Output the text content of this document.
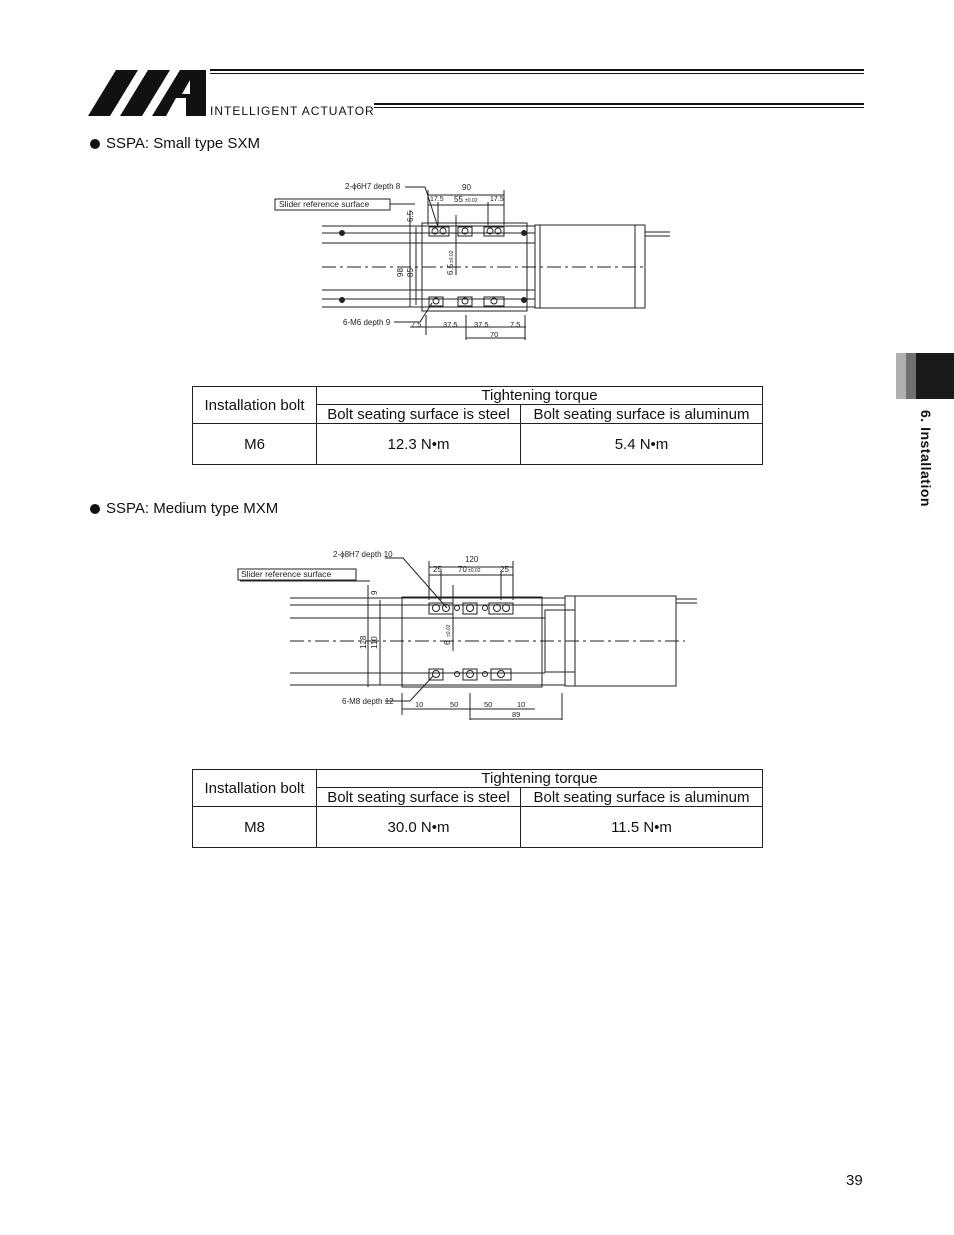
INTELLIGENT ACTUATOR
6. Installation
SSPA: Small type SXM
2-ϕ6H7 depth 8
Slider reference surface
6-M6 depth 9
90
17.5 55 ±0.02 17.5
6.5
98 85	6.5
±0.02
7.5	37.5 37.5	7.5
70
Installation bolt	Tightening torque	
	Bolt seating surface is steel	Bolt seating surface is aluminum
M6	12.3 N•m	5.4 N•m
SSPA: Medium type MXM
2-ϕ8H7 depth 10
Slider reference surface
6-M8 depth 12
120
25 70 ±0.02 25
9
128 110	6
±0.02
10	50	50	10
89
Installation bolt	Tightening torque	
	Bolt seating surface is steel	Bolt seating surface is aluminum
M8	30.0 N•m	11.5 N•m
39
